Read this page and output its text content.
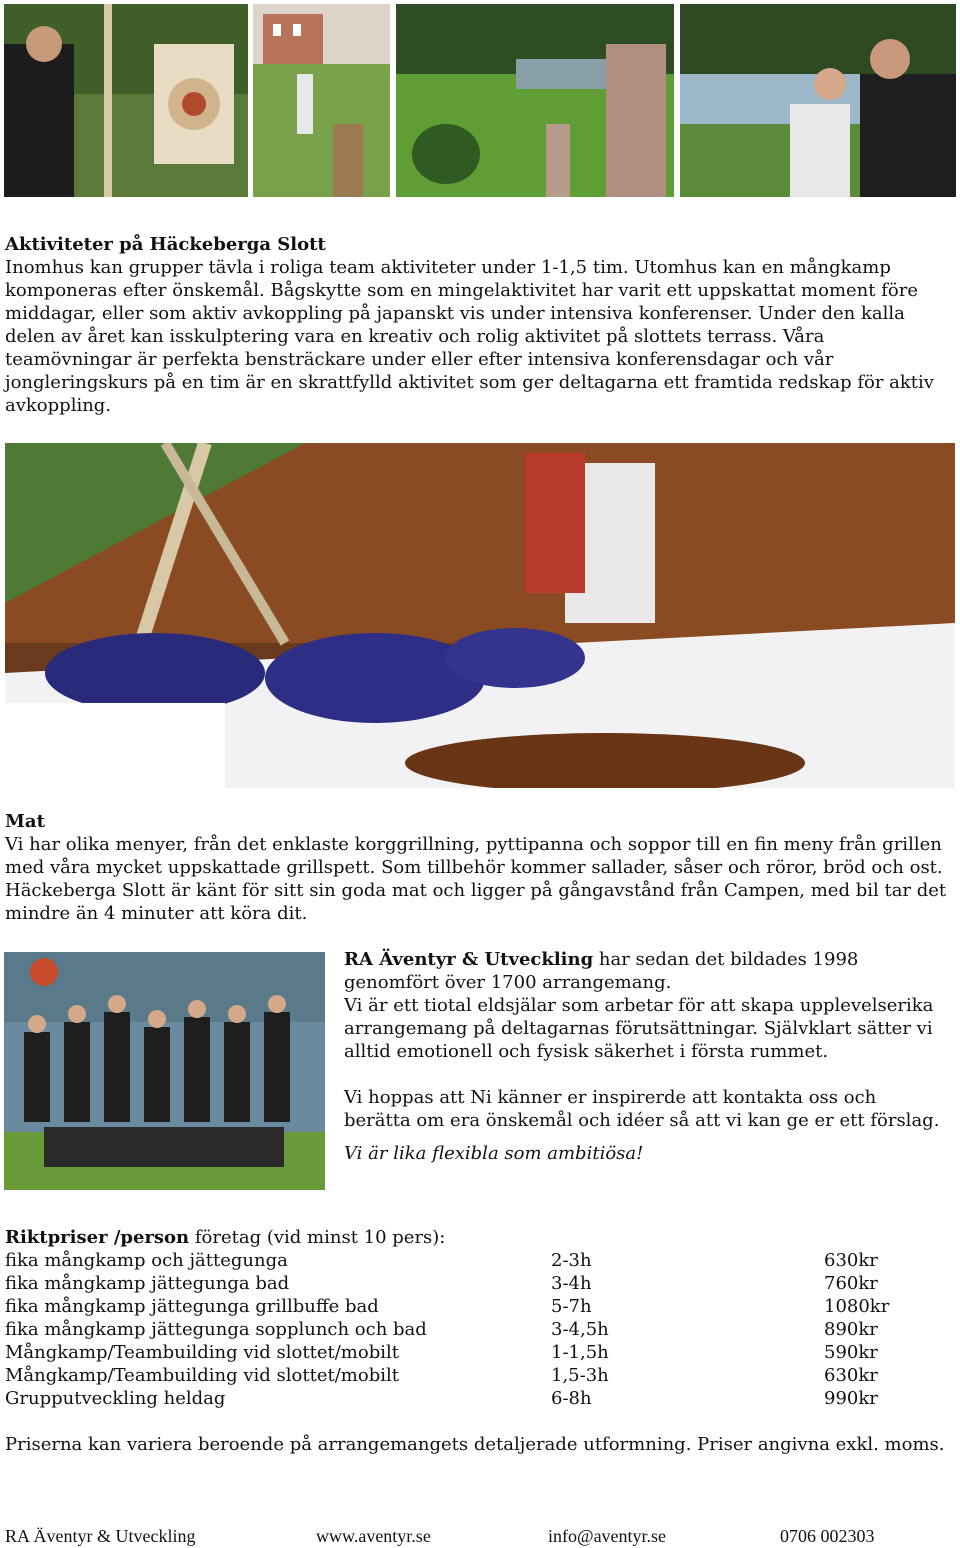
Aktiviteter på Häckeberga Slott

Inomhus kan grupper tävla i roliga team aktiviteter under 1-1,5 tim. Utomhus kan en mångkamp komponeras efter önskemål. Bågskytte som en mingelaktivitet har varit ett uppskattat moment före middagar, eller som aktiv avkoppling på japanskt vis under intensiva konferenser. Under den kalla delen av året kan isskulptering vara en kreativ och rolig aktivitet på slottets terrass. Våra teamövningar är perfekta bensträckare under eller efter intensiva konferensdagar och vår jongleringskurs på en tim är en skrattfylld aktivitet som ger deltagarna ett framtida redskap för aktiv avkoppling.

Mat

Vi har olika menyer, från det enklaste korggrillning, pyttipanna och soppor till en fin meny från grillen med våra mycket uppskattade grillspett. Som tillbehör kommer sallader, såser och röror, bröd och ost. Häckeberga Slott är känt för sitt sin goda mat och ligger på gångavstånd från Campen, med bil tar det mindre än 4 minuter att köra dit.

RA Äventyr & Utveckling har sedan det bildades 1998 genomfört över 1700 arrangemang.

Vi är ett tiotal eldsjälar som arbetar för att skapa upplevelserika arrangemang på deltagarnas förutsättningar. Självklart sätter vi alltid emotionell och fysisk säkerhet i första rummet.

Vi hoppas att Ni känner er inspirerde att kontakta oss och berätta om era önskemål och idéer så att vi kan ge er ett förslag.

Vi är lika flexibla som ambitiösa!

Riktpriser /person företag (vid minst 10 pers):
fika mångkamp och jättegunga	2-3h	630kr
fika mångkamp jättegunga bad	3-4h	760kr
fika mångkamp jättegunga grillbuffe bad	5-7h	1080kr
fika mångkamp jättegunga sopplunch och bad	3-4,5h	890kr
Mångkamp/Teambuilding vid slottet/mobilt	1-1,5h	590kr
Mångkamp/Teambuilding vid slottet/mobilt	1,5-3h	630kr
Grupputveckling heldag	6-8h	990kr
Priserna kan variera beroende på arrangemangets detaljerade utformning. Priser angivna exkl. moms.
RA Äventyr & Utveckling	www.aventyr.se	info@aventyr.se	0706 002303
